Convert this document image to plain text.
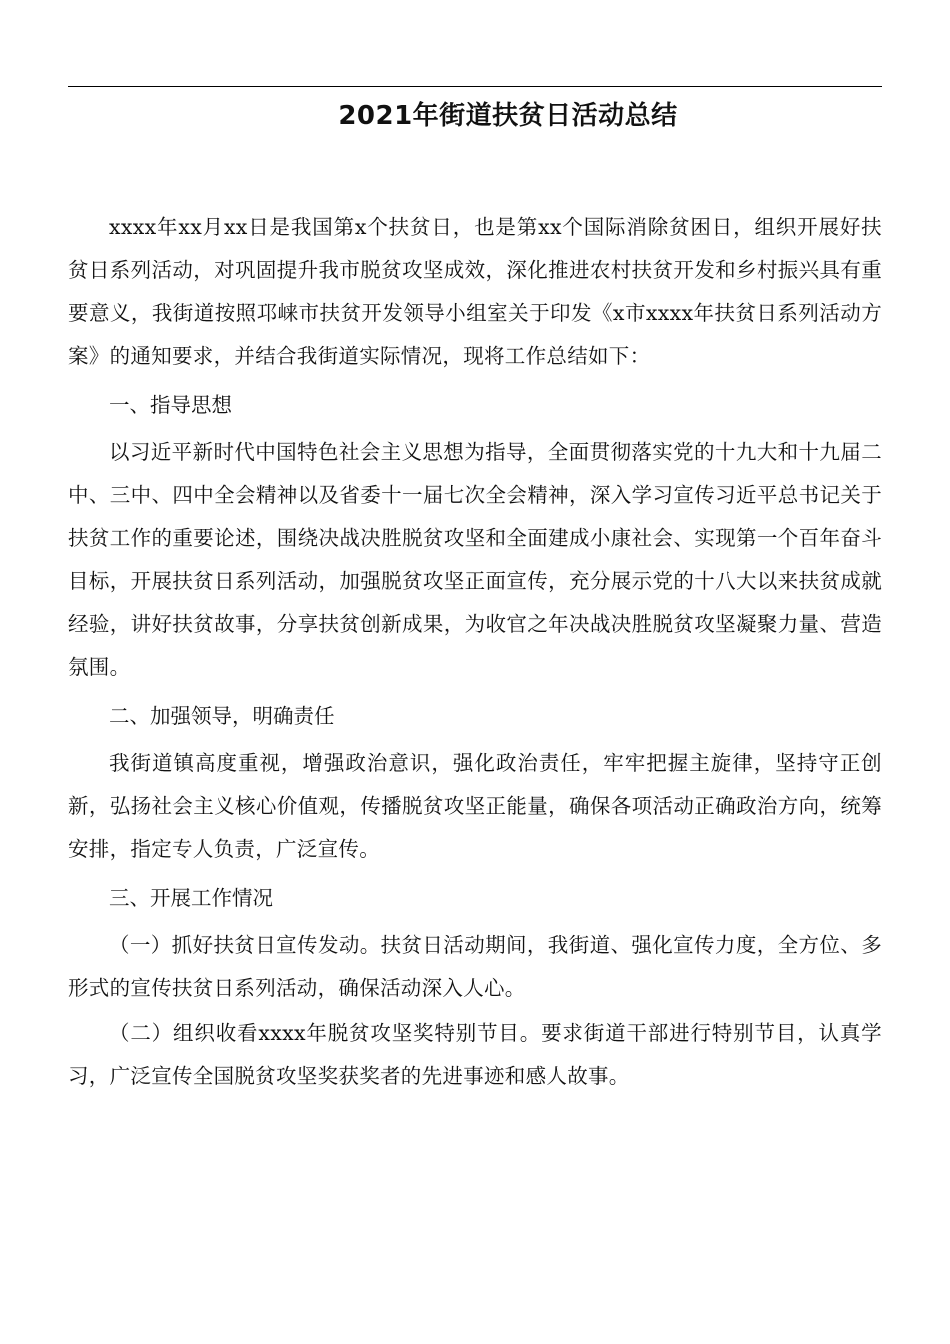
2021年街道扶贫日活动总结

xxxx年xx月xx日是我国第x个扶贫日，也是第xx个国际消除贫困日，组织开展好扶贫日系列活动，对巩固提升我市脱贫攻坚成效，深化推进农村扶贫开发和乡村振兴具有重要意义，我街道按照邛崃市扶贫开发领导小组室关于印发《x市xxxx年扶贫日系列活动方案》的通知要求，并结合我街道实际情况，现将工作总结如下：

一、指导思想

以习近平新时代中国特色社会主义思想为指导，全面贯彻落实党的十九大和十九届二中、三中、四中全会精神以及省委十一届七次全会精神，深入学习宣传习近平总书记关于扶贫工作的重要论述，围绕决战决胜脱贫攻坚和全面建成小康社会、实现第一个百年奋斗目标，开展扶贫日系列活动，加强脱贫攻坚正面宣传，充分展示党的十八大以来扶贫成就经验，讲好扶贫故事，分享扶贫创新成果，为收官之年决战决胜脱贫攻坚凝聚力量、营造氛围。

二、加强领导，明确责任

我街道镇高度重视，增强政治意识，强化政治责任，牢牢把握主旋律，坚持守正创新，弘扬社会主义核心价值观，传播脱贫攻坚正能量，确保各项活动正确政治方向，统筹安排，指定专人负责，广泛宣传。

三、开展工作情况

（一）抓好扶贫日宣传发动。扶贫日活动期间，我街道、强化宣传力度，全方位、多形式的宣传扶贫日系列活动，确保活动深入人心。

（二）组织收看xxxx年脱贫攻坚奖特别节目。要求街道干部进行特别节目，认真学习，广泛宣传全国脱贫攻坚奖获奖者的先进事迹和感人故事。
